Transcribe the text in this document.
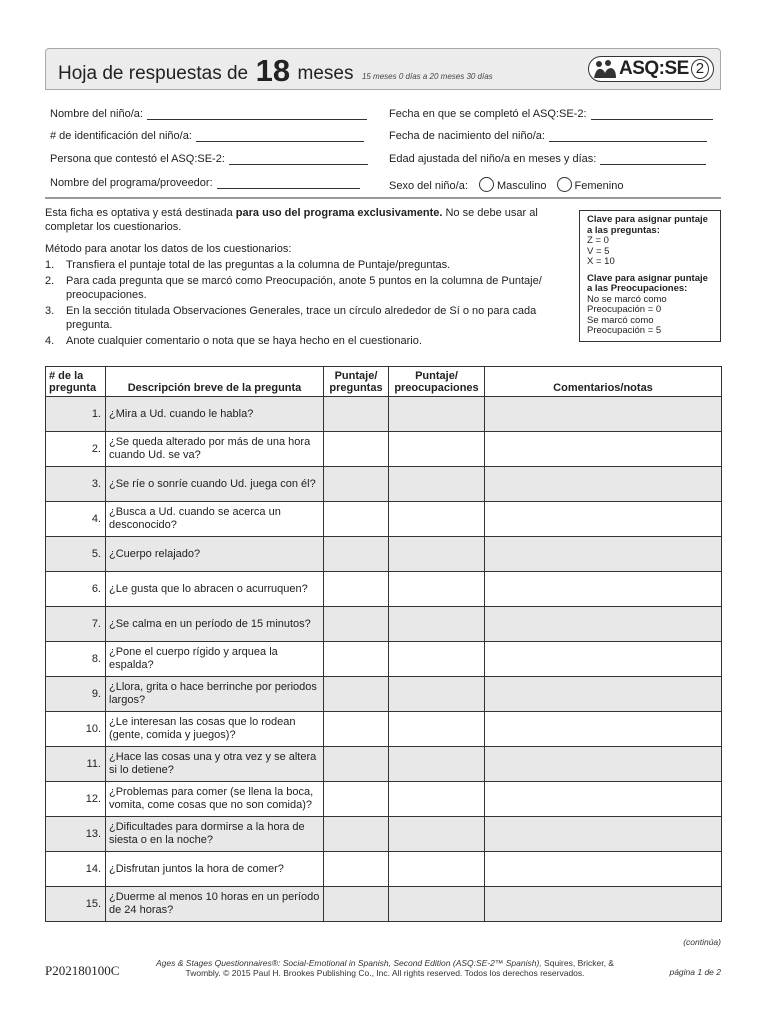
Hoja de respuestas de 18 meses 15 meses 0 días a 20 meses 30 días	ASQ:SE 2
Nombre del niño/a:
# de identificación del niño/a:
Persona que contestó el ASQ:SE-2:
Nombre del programa/proveedor:
Fecha en que se completó el ASQ:SE-2:
Fecha de nacimiento del niño/a:
Edad ajustada del niño/a en meses y días:
Sexo del niño/a:	Masculino	Femenino

Esta ficha es optativa y está destinada para uso del programa exclusivamente. No se debe usar al completar los cuestionarios.

Método para anotar los datos de los cuestionarios:

1. Transfiera el puntaje total de las preguntas a la columna de Puntaje/preguntas.
2. Para cada pregunta que se marcó como Preocupación, anote 5 puntos en la columna de Puntaje/ preocupaciones.
3. En la sección titulada Observaciones Generales, trace un círculo alrededor de Sí o no para cada pregunta.
4. Anote cualquier comentario o nota que se haya hecho en el cuestionario.
Clave para asignar puntaje a las preguntas:
Z = 0
V = 5
X = 10
Clave para asignar puntaje a las Preocupaciones:
No se marcó como
Preocupación = 0
Se marcó como
Preocupación = 5
# de la pregunta	Descripción breve de la pregunta	Puntaje/ preguntas	Puntaje/ preocupaciones	Comentarios/notas
1.	¿Mira a Ud. cuando le habla?			
2.	¿Se queda alterado por más de una hora cuando Ud. se va?			
3.	¿Se ríe o sonríe cuando Ud. juega con él?			
4.	¿Busca a Ud. cuando se acerca un desconocido?			
5.	¿Cuerpo relajado?			
6.	¿Le gusta que lo abracen o acurruquen?			
7.	¿Se calma en un período de 15 minutos?			
8.	¿Pone el cuerpo rígido y arquea la espalda?			
9.	¿Llora, grita o hace berrinche por periodos largos?			
10.	¿Le interesan las cosas que lo rodean (gente, comida y juegos)?			
11.	¿Hace las cosas una y otra vez y se altera si lo detiene?			
12.	¿Problemas para comer (se llena la boca, vomita, come cosas que no son comida)?			
13.	¿Dificultades para dormirse a la hora de siesta o en la noche?			
14.	¿Disfrutan juntos la hora de comer?			
15.	¿Duerme al menos 10 horas en un período de 24 horas?			
(continúa)
P202180100C	Ages & Stages Questionnaires®: Social-Emotional in Spanish, Second Edition (ASQ:SE-2™ Spanish), Squires, Bricker, & Twombly. © 2015 Paul H. Brookes Publishing Co., Inc. All rights reserved. Todos los derechos reservados.	página 1 de 2
